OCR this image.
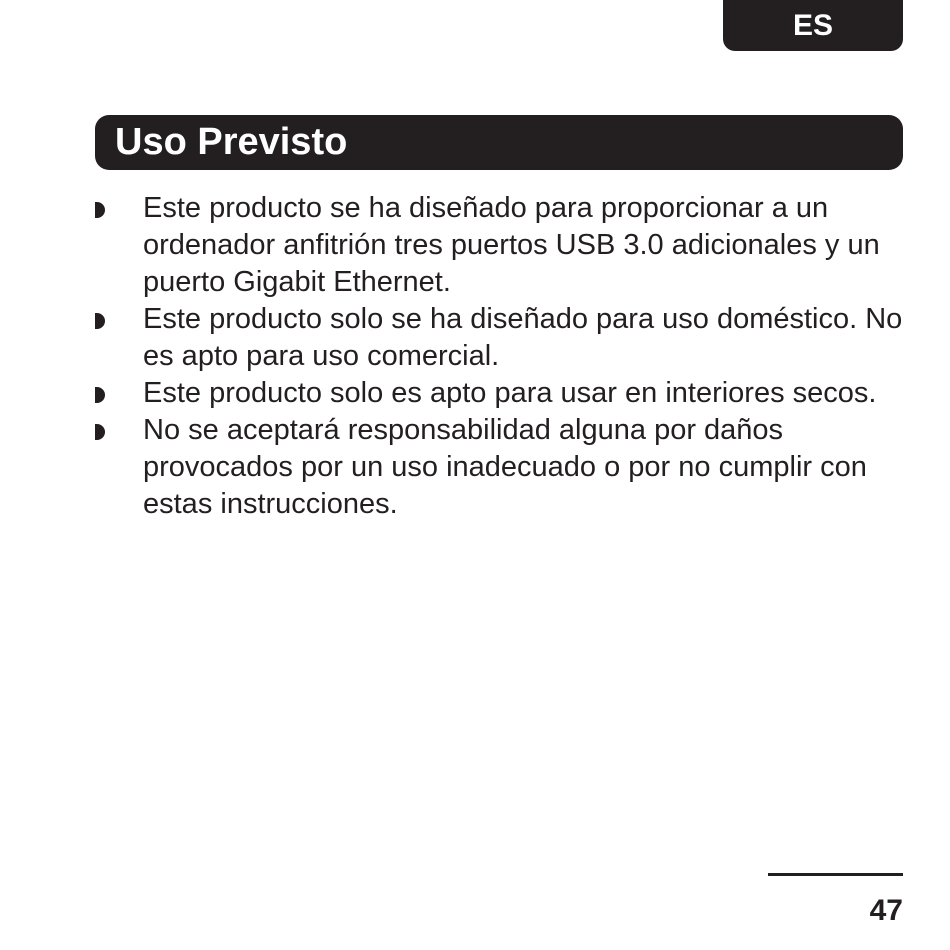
ES
Uso Previsto
Este producto se ha diseñado para proporcionar a un ordenador anfitrión tres puertos USB 3.0 adicionales y un puerto Gigabit Ethernet.
Este producto solo se ha diseñado para uso doméstico. No es apto para uso comercial.
Este producto solo es apto para usar en interiores secos.
No se aceptará responsabilidad alguna por daños provocados por un uso inadecuado o por no cumplir con estas instrucciones.
47
